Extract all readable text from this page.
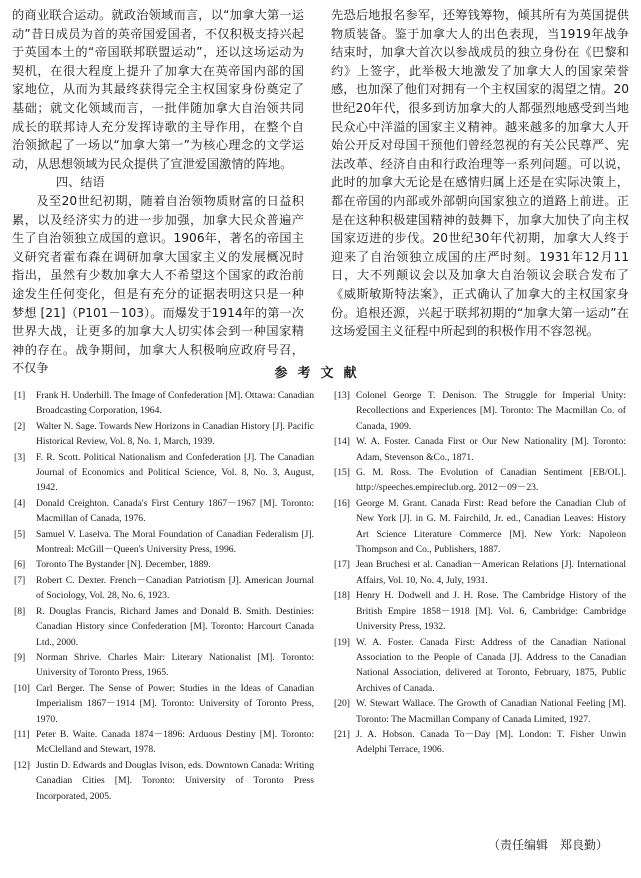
的商业联合运动。就政治领域而言，以“加拿大第一运动”昔日成员为首的英帝国爱国者，不仅积极支持兴起于英国本土的“帝国联邦联盟运动”，还以这场运动为契机，在很大程度上提升了加拿大在英帝国内部的国家地位，从而为其最终获得完全主权国家身份奠定了基础；就文化领域而言，一批伴随加拿大自治领共同成长的联邦诗人充分发挥诗歌的主导作用，在整个自治领掀起了一场以“加拿大第一”为核心理念的文学运动，从思想领域为民众提供了宣泄爱国激情的阵地。

四、结语

及至20世纪初期，随着自治领物质财富的日益积累，以及经济实力的进一步加强，加拿大民众普遍产生了自治领独立成国的意识。1906年，著名的帝国主义研究者霍布森在调研加拿大国家主义的发展概况时指出，虽然有少数加拿大人不希望这个国家的政治前途发生任何变化，但是有充分的证据表明这只是一种梦想 [21]（P101－103）。而爆发于1914年的第一次世界大战，让更多的加拿大人切实体会到一种国家精神的存在。战争期间，加拿大人积极响应政府号召，不仅争

先恐后地报名参军，还筹钱筹物，倾其所有为英国提供物质装备。鉴于加拿大人的出色表现，当1919年战争结束时，加拿大首次以参战成员的独立身份在《巴黎和约》上签字，此举极大地激发了加拿大人的国家荣誉感，也加深了他们对拥有一个主权国家的渴望之情。20世纪20年代，很多到访加拿大的人都强烈地感受到当地民众心中洋溢的国家主义精神。越来越多的加拿大人开始公开反对母国干预他们曾经忽视的有关公民尊严、宪法改革、经济自由和行政治理等一系列问题。可以说，此时的加拿大无论是在感情归属上还是在实际决策上，都在帝国的内部或外部朝向国家独立的道路上前进。正是在这种积极建国精神的鼓舞下，加拿大加快了向主权国家迈进的步伐。20世纪30年代初期，加拿大人终于迎来了自治领独立成国的庄严时刻。1931年12月11日，大不列颠议会以及加拿大自治领议会联合发布了《威斯敏斯特法案》，正式确认了加拿大的主权国家身份。追根还源，兴起于联邦初期的“加拿大第一运动”在这场爱国主义征程中所起到的积极作用不容忽视。

参考文献
[1]	Frank H. Underhill. The Image of Confederation [M]. Ottawa: Canadian Broadcasting Corporation, 1964.
[2]	Walter N. Sage. Towards New Horizons in Canadian History [J]. Pacific Historical Review, Vol. 8, No. 1, March, 1939.
[3]	F. R. Scott. Political Nationalism and Confederation [J]. The Canadian Journal of Economics and Political Science, Vol. 8, No. 3, August, 1942.
[4]	Donald Creighton. Canada's First Century 1867－1967 [M]. Toronto: Macmillan of Canada, 1976.
[5]	Samuel V. Laselva. The Moral Foundation of Canadian Federalism [J]. Montreal: McGill－Queen's University Press, 1996.
[6]	Toronto The Bystander [N]. December, 1889.
[7]	Robert C. Dexter. French－Canadian Patriotism [J]. American Journal of Sociology, Vol. 28, No. 6, 1923.
[8]	R. Douglas Francis, Richard James and Donald B. Smith. Destinies: Canadian History since Confederation [M]. Toronto: Harcourt Canada Ltd., 2000.
[9]	Norman Shrive. Charles Mair: Literary Nationalist [M]. Toronto: University of Toronto Press, 1965.
[10] Carl Berger. The Sense of Power: Studies in the Ideas of Canadian Imperialism 1867－1914 [M]. Toronto: University of Toronto Press, 1970.
[11] Peter B. Waite. Canada 1874－1896: Arduous Destiny [M]. Toronto: McClelland and Stewart, 1978.
[12] Justin D. Edwards and Douglas Ivison, eds. Downtown Canada: Writing Canadian Cities [M]. Toronto: University of Toronto Press Incorporated, 2005.
[13] Colonel George T. Denison. The Struggle for Imperial Unity: Recollections and Experiences [M]. Toronto: The Macmillan Co. of Canada, 1909.
[14] W. A. Foster. Canada First or Our New Nationality [M]. Toronto: Adam, Stevenson &Co., 1871.
[15] G. M. Ross. The Evolution of Canadian Sentiment [EB/OL]. http://speeches.empireclub.org. 2012－09－23.
[16] George M. Grant. Canada First: Read before the Canadian Club of New York [J]. in G. M. Fairchild, Jr. ed., Canadian Leaves: History Art Science Literature Commerce [M]. New York: Napoleon Thompson and Co., Publishers, 1887.
[17] Jean Bruchesi et al. Canadian－American Relations [J]. International Affairs, Vol. 10, No. 4, July, 1931.
[18] Henry H. Dodwell and J. H. Rose. The Cambridge History of the British Empire 1858－1918 [M]. Vol. 6, Cambridge: Cambridge University Press, 1932.
[19] W. A. Foster. Canada First: Address of the Canadian National Association to the People of Canada [J]. Address to the Canadian National Association, delivered at Toronto, February, 1875, Public Archives of Canada.
[20] W. Stewart Wallace. The Growth of Canadian National Feeling [M]. Toronto: The Macmillan Company of Canada Limited, 1927.
[21] J. A. Hobson. Canada To－Day [M]. London: T. Fisher Unwin Adelphi Terrace, 1906.
（责任编辑　郑良勤）
